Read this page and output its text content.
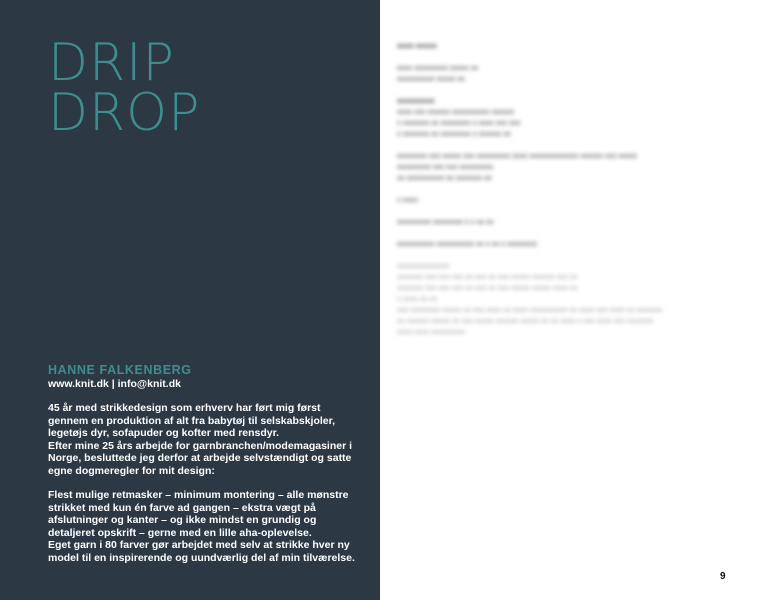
DRIP
DROP
HANNE FALKENBERG
www.knit.dk | info@knit.dk

45 år med strikkedesign som erhverv har ført mig først
gennem en produktion af alt fra babytøj til selskabskjoler,
legetøjs dyr, sofapuder og kofter med rensdyr.
Efter mine 25 års arbejde for garnbranchen/modemagasiner i
Norge, besluttede jeg derfor at arbejde selvstændigt og satte
egne dogmeregler for mit design:

Flest mulige retmasker – minimum montering – alle mønstre
strikket med kun én farve ad gangen – ekstra vægt på
afslutninger og kanter – og ikke mindst en grundig og
detaljeret opskrift – gerne med en lille aha-oplevelse.
Eget garn i 80 farver gør arbejdet med selv at strikke hver ny
model til en inspirerende og uundværlig del af min tilværelse.

xxxx xxxxx
xxxx xxxxxxxxx xxxxx xx
xxxxxxxxxx xxxxx xx
xxxxxxxxx
xxxx xxx xxxxxx xxxxxxxxxx xxxxxx
x xxxxxxx xx xxxxxxxx x xxxx xxx xxx
x xxxxxxx xx xxxxxxxx x xxxxxx xx
xxxxxxxx xxx xxxxx xxx xxxxxxxxx xxxx xxxxxxxxxxxxx xxxxxx xxx xxxxx
xxxxxxxxx xxx xxx xxxxxxxxx
xx xxxxxxxxxx xx xxxxxxx xx
x xxxx
xxxxxxxxx xxxxxxxx x x xx xx
xxxxxxxxxx xxxxxxxxxx xx x xx x xxxxxxxx
xxxxxxxxxxxxxx
xxxxxxx xxx xxx xxx xx xxx xx xxx xxxxx xxxxxx xxx xx
xxxxxxx xxx xxx xxx xx xxx xx xxx xxxxx xxxxx xxxx xx
x xxxx xx xx
xxx xxxxxxxx xxxxx xx xxx xxxx xx xxxx xxxxxxxxxx xx xxxx xxx xxxx xx xxxxxxx
xx xxxxxx xxxxx xx xxx xxxxx xxxxxx xxxxx xx xx xxxx x xxx xxxx xxx xxxxxxx
xxxx xxxx xxxxxxxxx
9
